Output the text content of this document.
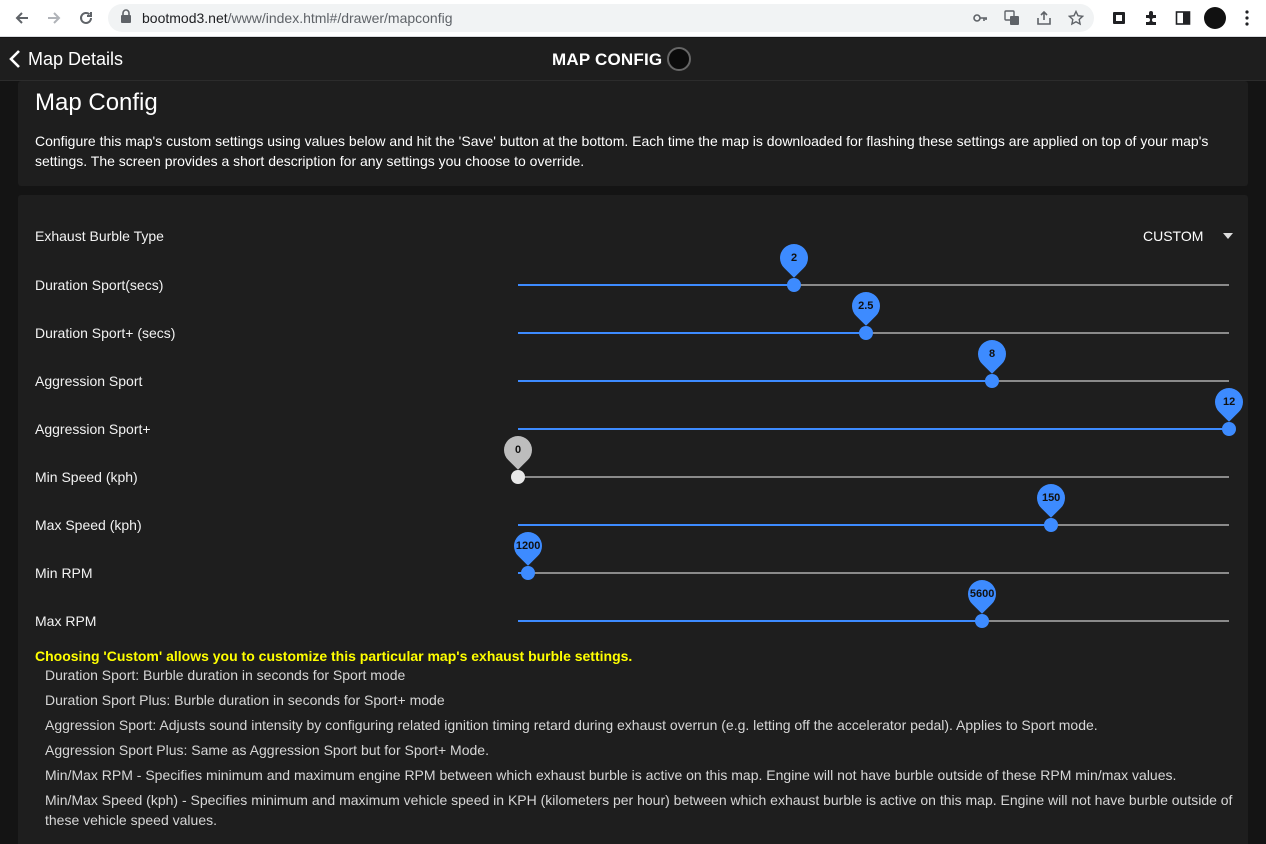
bootmod3.net/www/index.html#/drawer/mapconfig
Map Details	MAP CONFIG
Map Config
Configure this map's custom settings using values below and hit the 'Save' button at the bottom. Each time the map is downloaded for flashing these settings are applied on top of your map's settings. The screen provides a short description for any settings you choose to override.
Exhaust Burble Type	CUSTOM
Duration Sport(secs)
2
Duration Sport+ (secs)
2.5
Aggression Sport
8
Aggression Sport+
12
Min Speed (kph)
0
Max Speed (kph)
150
Min RPM
1200
Max RPM
5600
Choosing 'Custom' allows you to customize this particular map's exhaust burble settings.
Duration Sport: Burble duration in seconds for Sport mode
Duration Sport Plus: Burble duration in seconds for Sport+ mode
Aggression Sport: Adjusts sound intensity by configuring related ignition timing retard during exhaust overrun (e.g. letting off the accelerator pedal). Applies to Sport mode.
Aggression Sport Plus: Same as Aggression Sport but for Sport+ Mode.
Min/Max RPM - Specifies minimum and maximum engine RPM between which exhaust burble is active on this map. Engine will not have burble outside of these RPM min/max values.
Min/Max Speed (kph) - Specifies minimum and maximum vehicle speed in KPH (kilometers per hour) between which exhaust burble is active on this map. Engine will not have burble outside of these vehicle speed values.
